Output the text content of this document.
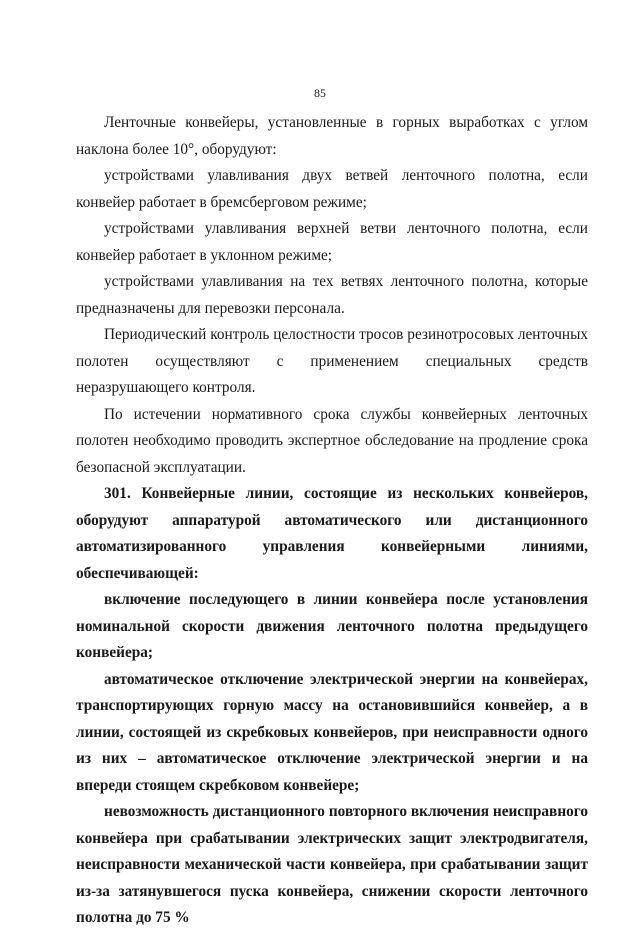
85

Ленточные конвейеры, установленные в горных выработках с углом наклона более 10°, оборудуют:

устройствами улавливания двух ветвей ленточного полотна, если конвейер работает в бремсберговом режиме;

устройствами улавливания верхней ветви ленточного полотна, если конвейер работает в уклонном режиме;

устройствами улавливания на тех ветвях ленточного полотна, которые предназначены для перевозки персонала.

Периодический контроль целостности тросов резинотросовых ленточных полотен осуществляют с применением специальных средств неразрушающего контроля.

По истечении нормативного срока службы конвейерных ленточных полотен необходимо проводить экспертное обследование на продление срока безопасной эксплуатации.

301. Конвейерные линии, состоящие из нескольких конвейеров, оборудуют аппаратурой автоматического или дистанционного автоматизированного управления конвейерными линиями, обеспечивающей:

включение последующего в линии конвейера после установления номинальной скорости движения ленточного полотна предыдущего конвейера;

автоматическое отключение электрической энергии на конвейерах, транспортирующих горную массу на остановившийся конвейер, а в линии, состоящей из скребковых конвейеров, при неисправности одного из них – автоматическое отключение электрической энергии и на впереди стоящем скребковом конвейере;

невозможность дистанционного повторного включения неисправного конвейера при срабатывании электрических защит электродвигателя, неисправности механической части конвейера, при срабатывании защит из-за затянувшегося пуска конвейера, снижении скорости ленточного полотна до 75 %
